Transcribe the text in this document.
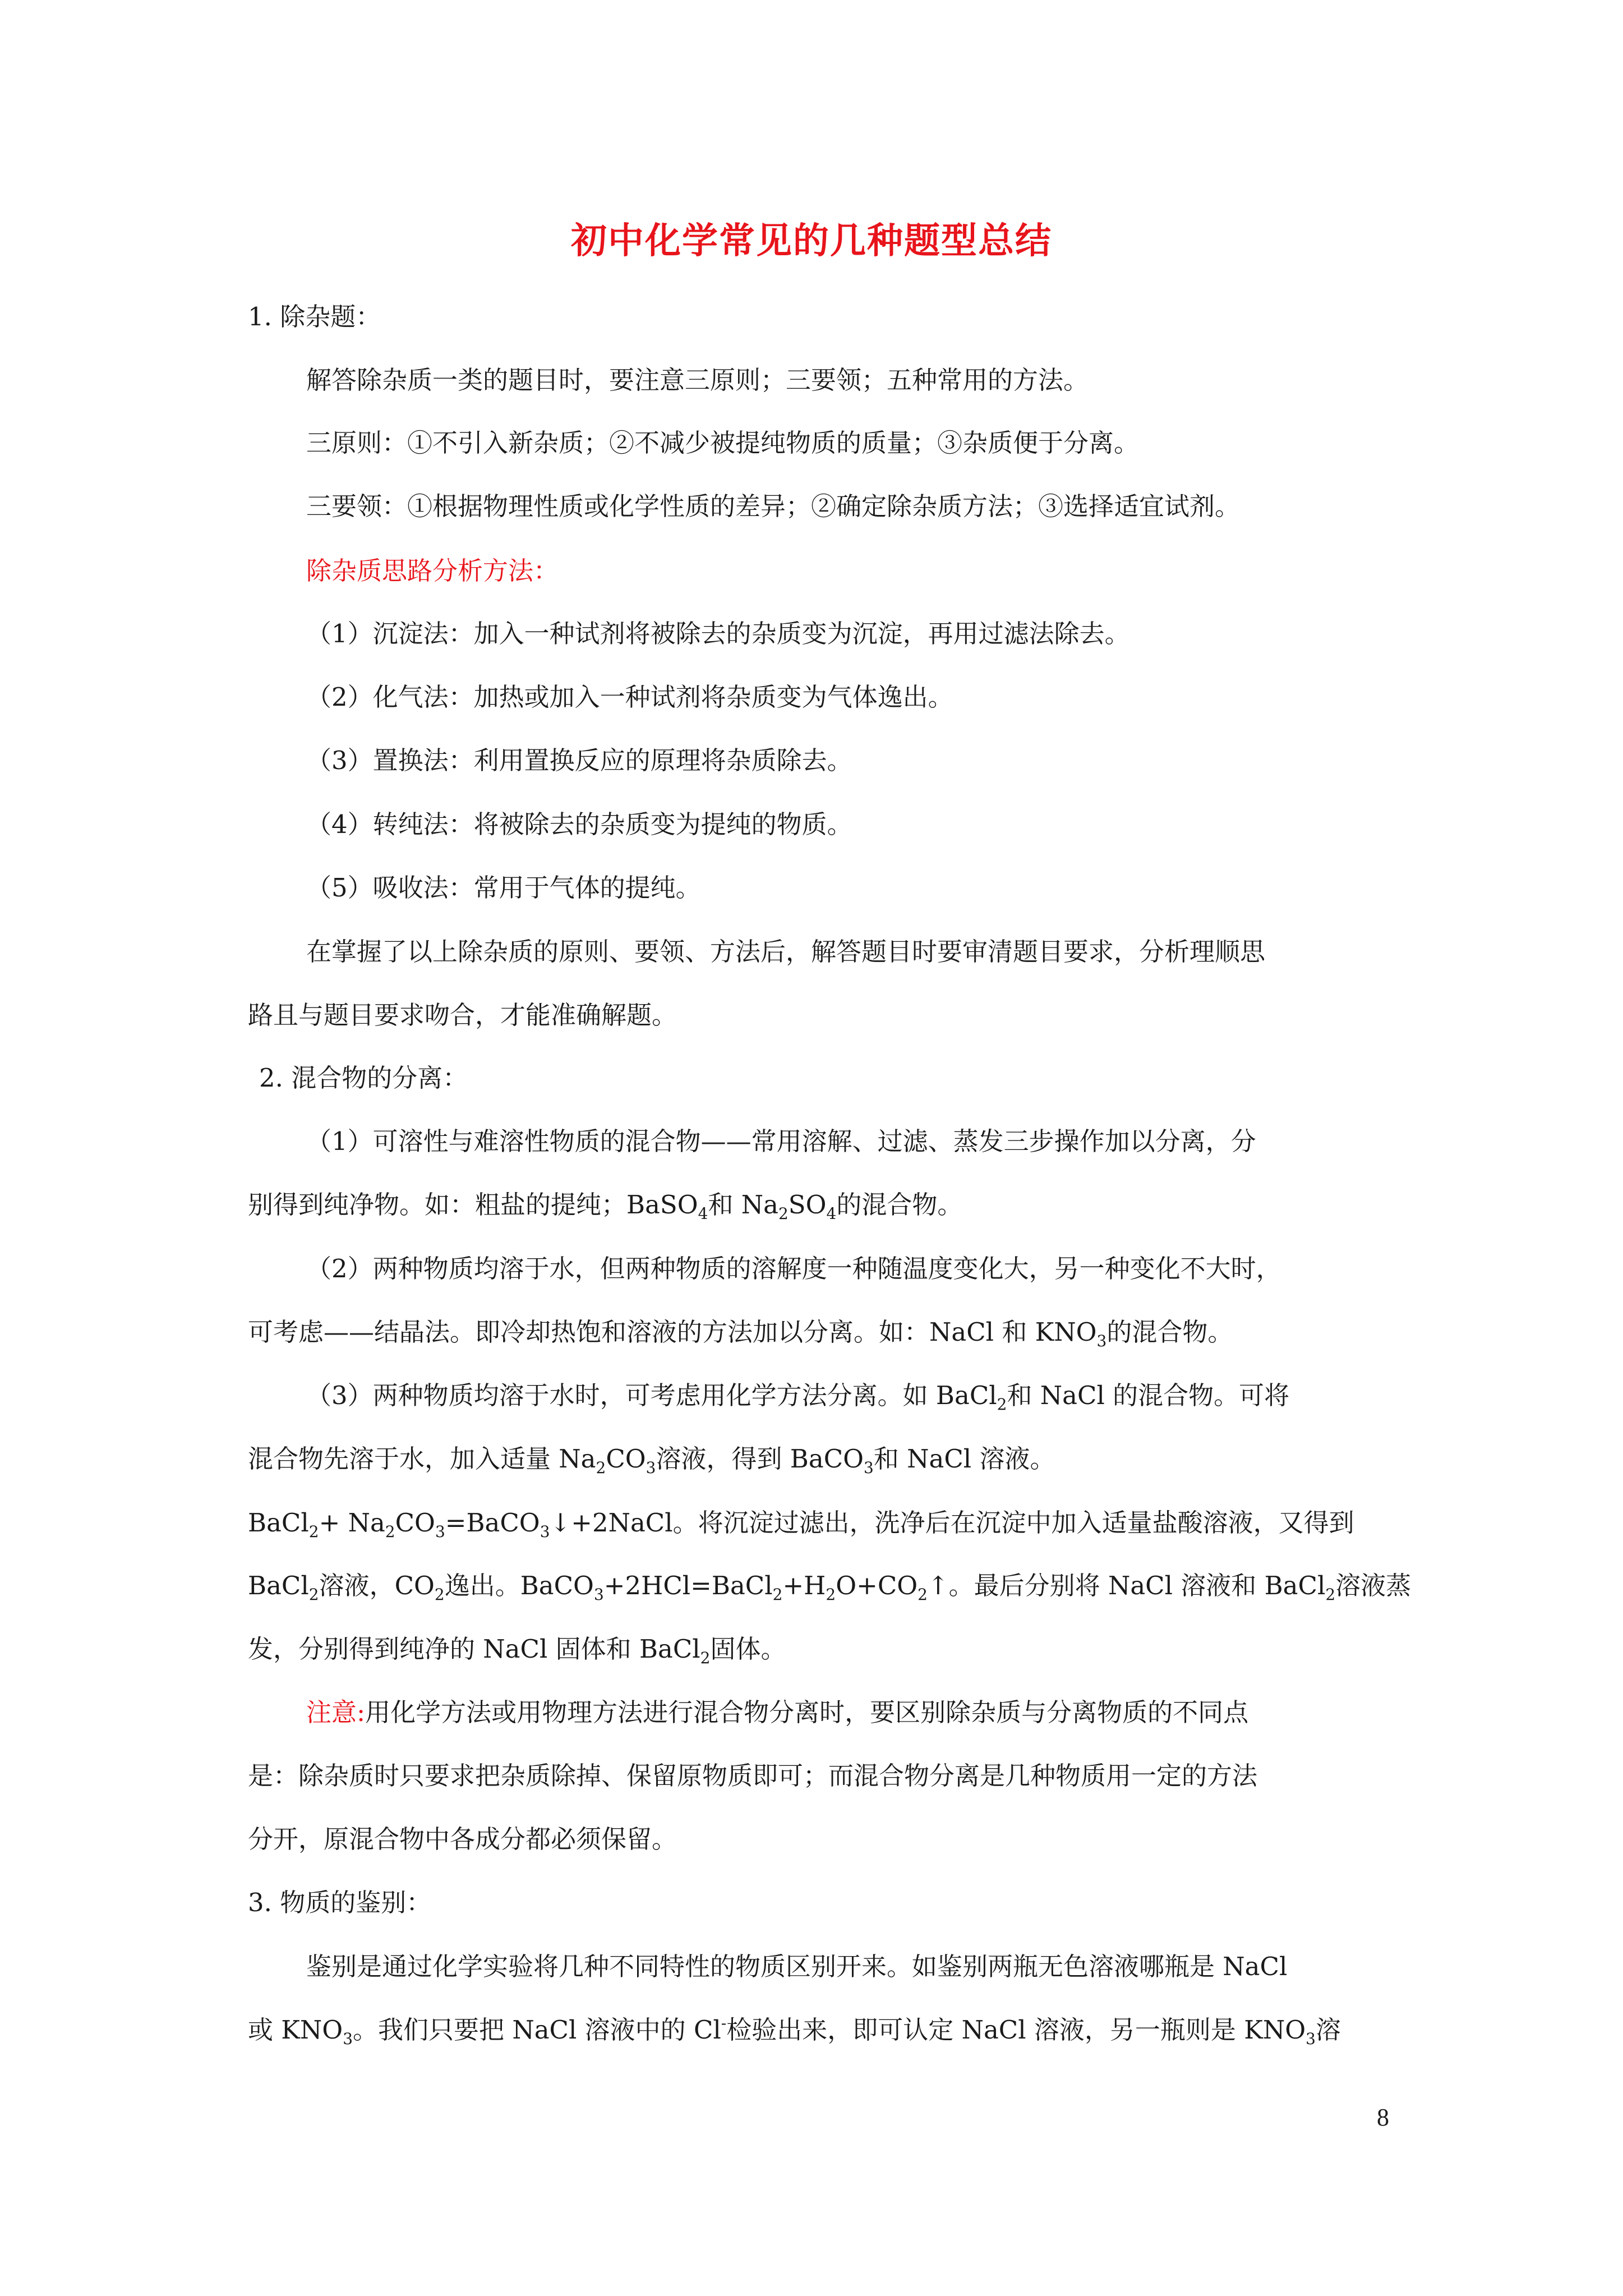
初中化学常见的几种题型总结
1. 除杂题：
解答除杂质一类的题目时，要注意三原则；三要领；五种常用的方法。
三原则：①不引入新杂质；②不减少被提纯物质的质量；③杂质便于分离。
三要领：①根据物理性质或化学性质的差异；②确定除杂质方法；③选择适宜试剂。
除杂质思路分析方法：
（1）沉淀法：加入一种试剂将被除去的杂质变为沉淀，再用过滤法除去。
（2）化气法：加热或加入一种试剂将杂质变为气体逸出。
（3）置换法：利用置换反应的原理将杂质除去。
（4）转纯法：将被除去的杂质变为提纯的物质。
（5）吸收法：常用于气体的提纯。
在掌握了以上除杂质的原则、要领、方法后，解答题目时要审清题目要求，分析理顺思
路且与题目要求吻合，才能准确解题。
2. 混合物的分离：
（1）可溶性与难溶性物质的混合物——常用溶解、过滤、蒸发三步操作加以分离，分
别得到纯净物。如：粗盐的提纯；BaSO$_4$和 $Na_2SO_4$的混合物。
（2）两种物质均溶于水，但两种物质的溶解度一种随温度变化大，另一种变化不大时，
可考虑——结晶法。即冷却热饱和溶液的方法加以分离。如：NaCl 和 $KNO_3$的混合物。
（3）两种物质均溶于水时，可考虑用化学方法分离。如 BaCl$_2$和 NaCl 的混合物。可将
混合物先溶于水，加入适量 $Na_2CO_3$溶液，得到 BaCO$_3$和 NaCl 溶液。
BaCl$_2$+ $Na_2CO_3=BaCO_3↓+2NaCl$。将沉淀过滤出，洗净后在沉淀中加入适量盐酸溶液，又得到
BaCl$_2$溶液，$CO_2$逸出。$BaCO_3+2HCl=BaCl_2+H_2O+CO_2↑$。最后分别将 NaCl 溶液和 BaCl$_2$溶液蒸
发，分别得到纯净的 NaCl 固体和 BaCl$_2$固体。
注意:用化学方法或用物理方法进行混合物分离时，要区别除杂质与分离物质的不同点
是：除杂质时只要求把杂质除掉、保留原物质即可；而混合物分离是几种物质用一定的方法
分开，原混合物中各成分都必须保留。
3. 物质的鉴别：
鉴别是通过化学实验将几种不同特性的物质区别开来。如鉴别两瓶无色溶液哪瓶是 NaCl
或 $KNO_3$。我们只要把 NaCl 溶液中的 Cl-检验出来，即可认定 NaCl 溶液，另一瓶则是 $KNO_3$溶
8
